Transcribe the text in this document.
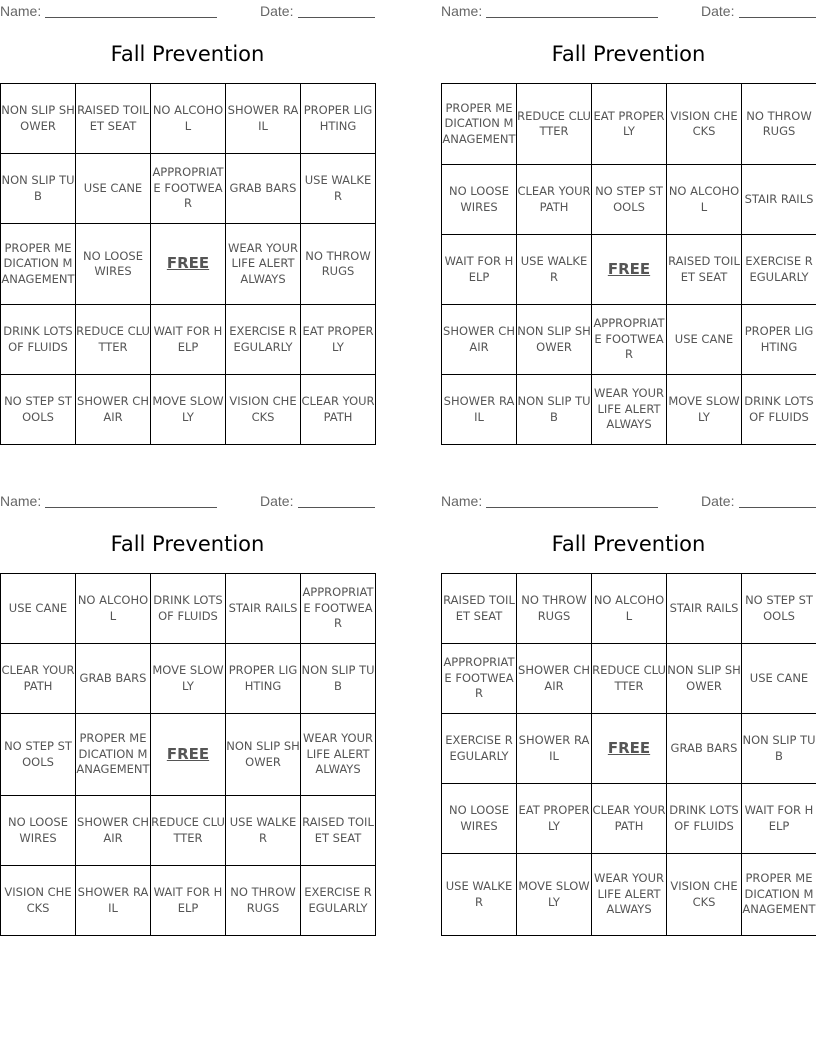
Name:	Date:
Fall Prevention
NON SLIP SHOWER	RAISED TOILET SEAT	NO ALCOHOL	SHOWER RAIL	PROPER LIGHTING
NON SLIP TUB	USE CANE	APPROPRIATE FOOTWEAR	GRAB BARS	USE WALKER
PROPER MEDICATION MANAGEMENT	NO LOOSE WIRES	FREE	WEAR YOUR LIFE ALERT ALWAYS	NO THROW RUGS
DRINK LOTS OF FLUIDS	REDUCE CLUTTER	WAIT FOR HELP	EXERCISE REGULARLY	EAT PROPERLY
NO STEP STOOLS	SHOWER CHAIR	MOVE SLOWLY	VISION CHECKS	CLEAR YOUR PATH
Name:	Date:
Fall Prevention
PROPER MEDICATION MANAGEMENT	REDUCE CLUTTER	EAT PROPERLY	VISION CHECKS	NO THROW RUGS
NO LOOSE WIRES	CLEAR YOUR PATH	NO STEP STOOLS	NO ALCOHOL	STAIR RAILS
WAIT FOR HELP	USE WALKER	FREE	RAISED TOILET SEAT	EXERCISE REGULARLY
SHOWER CHAIR	NON SLIP SHOWER	APPROPRIATE FOOTWEAR	USE CANE	PROPER LIGHTING
SHOWER RAIL	NON SLIP TUB	WEAR YOUR LIFE ALERT ALWAYS	MOVE SLOWLY	DRINK LOTS OF FLUIDS
Name:	Date:
Fall Prevention
USE CANE	NO ALCOHOL	DRINK LOTS OF FLUIDS	STAIR RAILS	APPROPRIATE FOOTWEAR
CLEAR YOUR PATH	GRAB BARS	MOVE SLOWLY	PROPER LIGHTING	NON SLIP TUB
NO STEP STOOLS	PROPER MEDICATION MANAGEMENT	FREE	NON SLIP SHOWER	WEAR YOUR LIFE ALERT ALWAYS
NO LOOSE WIRES	SHOWER CHAIR	REDUCE CLUTTER	USE WALKER	RAISED TOILET SEAT
VISION CHECKS	SHOWER RAIL	WAIT FOR HELP	NO THROW RUGS	EXERCISE REGULARLY
Name:	Date:
Fall Prevention
RAISED TOILET SEAT	NO THROW RUGS	NO ALCOHOL	STAIR RAILS	NO STEP STOOLS
APPROPRIATE FOOTWEAR	SHOWER CHAIR	REDUCE CLUTTER	NON SLIP SHOWER	USE CANE
EXERCISE REGULARLY	SHOWER RAIL	FREE	GRAB BARS	NON SLIP TUB
NO LOOSE WIRES	EAT PROPERLY	CLEAR YOUR PATH	DRINK LOTS OF FLUIDS	WAIT FOR HELP
USE WALKER	MOVE SLOWLY	WEAR YOUR LIFE ALERT ALWAYS	VISION CHECKS	PROPER MEDICATION MANAGEMENT
